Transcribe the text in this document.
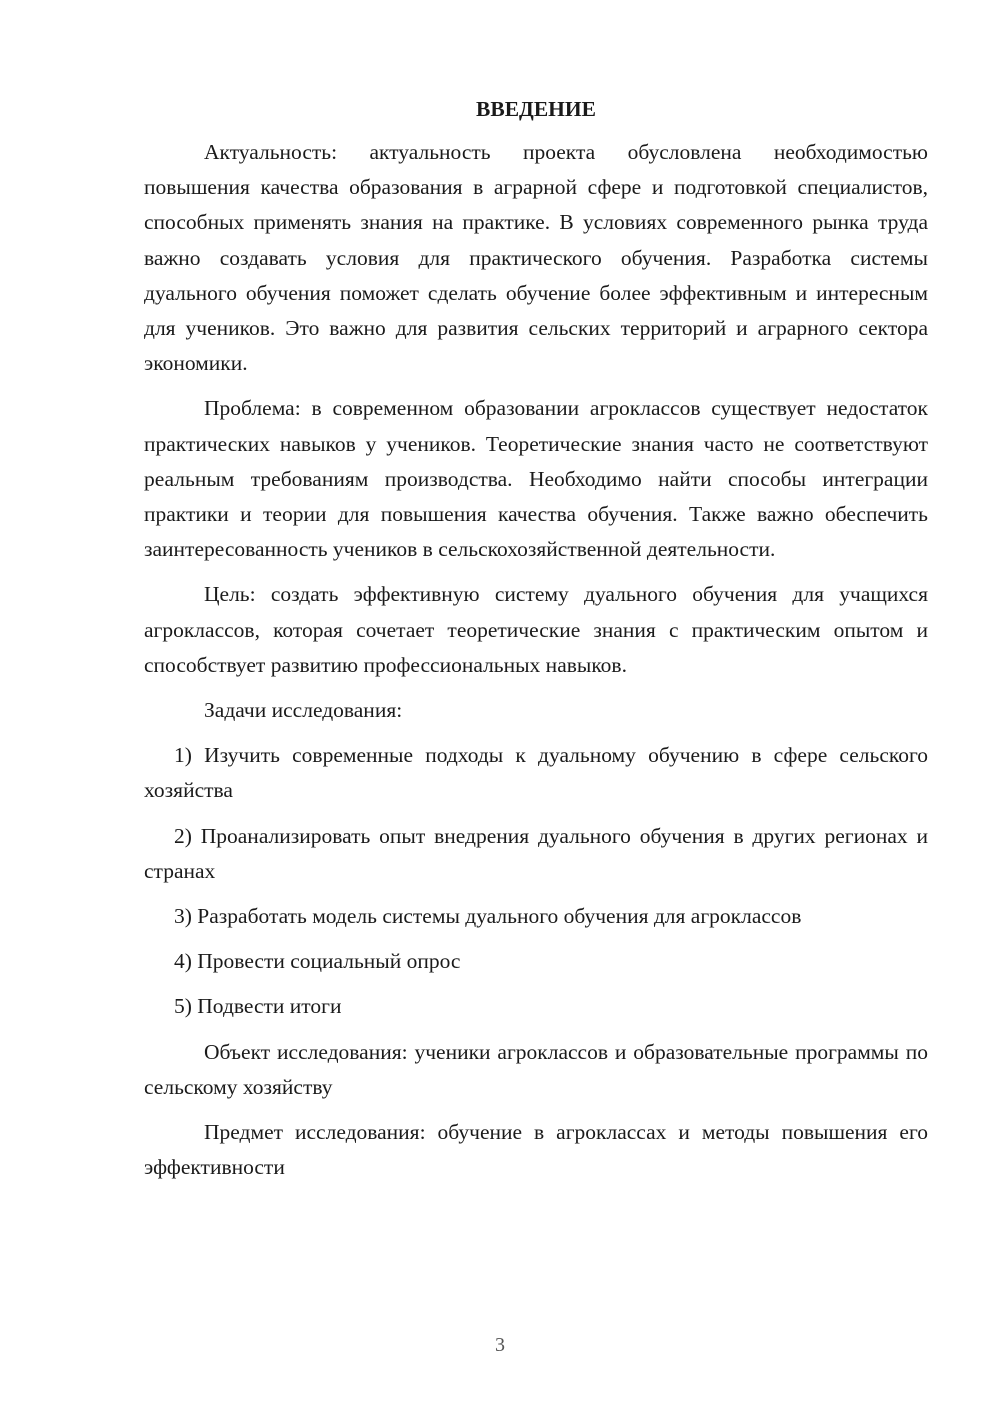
ВВЕДЕНИЕ

Актуальность: актуальность проекта обусловлена необходимостью повышения качества образования в аграрной сфере и подготовкой специалистов, способных применять знания на практике. В условиях современного рынка труда важно создавать условия для практического обучения. Разработка системы дуального обучения поможет сделать обучение более эффективным и интересным для учеников. Это важно для развития сельских территорий и аграрного сектора экономики.

Проблема: в современном образовании агроклассов существует недостаток практических навыков у учеников. Теоретические знания часто не соответствуют реальным требованиям производства. Необходимо найти способы интеграции практики и теории для повышения качества обучения. Также важно обеспечить заинтересованность учеников в сельскохозяйственной деятельности.

Цель: создать эффективную систему дуального обучения для учащихся агроклассов, которая сочетает теоретические знания с практическим опытом и способствует развитию профессиональных навыков.

Задачи исследования:

1) Изучить современные подходы к дуальному обучению в сфере сельского хозяйства

2) Проанализировать опыт внедрения дуального обучения в других регионах и странах

3) Разработать модель системы дуального обучения для агроклассов

4) Провести социальный опрос

5) Подвести итоги

Объект исследования: ученики агроклассов и образовательные программы по сельскому хозяйству

Предмет исследования: обучение в агроклассах и методы повышения его эффективности

3
